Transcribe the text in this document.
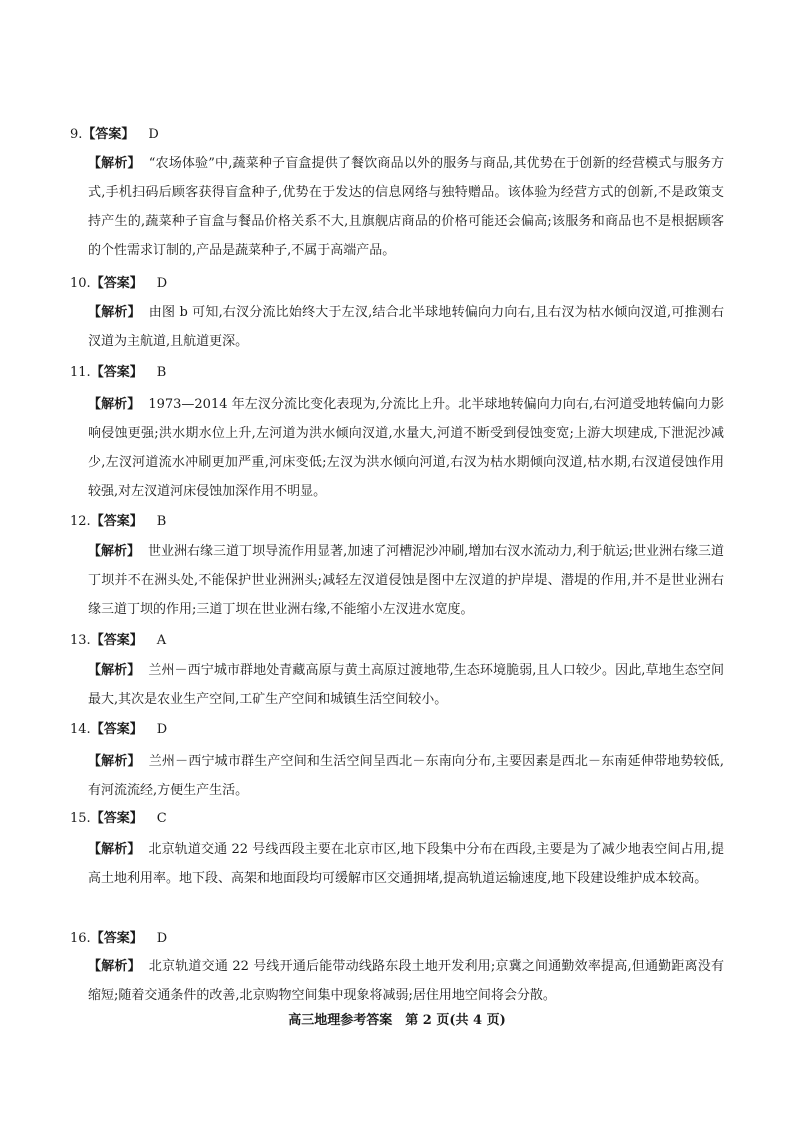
9.【答案】 D
【解析】 “农场体验”中,蔬菜种子盲盒提供了餐饮商品以外的服务与商品,其优势在于创新的经营模式与服务方式,手机扫码后顾客获得盲盒种子,优势在于发达的信息网络与独特赠品。该体验为经营方式的创新,不是政策支持产生的,蔬菜种子盲盒与餐品价格关系不大,且旗舰店商品的价格可能还会偏高;该服务和商品也不是根据顾客的个性需求订制的,产品是蔬菜种子,不属于高端产品。
10.【答案】 D
【解析】 由图 b 可知,右汊分流比始终大于左汊,结合北半球地转偏向力向右,且右汊为枯水倾向汊道,可推测右汊道为主航道,且航道更深。
11.【答案】 B
【解析】 1973—2014 年左汊分流比变化表现为,分流比上升。北半球地转偏向力向右,右河道受地转偏向力影响侵蚀更强;洪水期水位上升,左河道为洪水倾向汊道,水量大,河道不断受到侵蚀变宽;上游大坝建成,下泄泥沙减少,左汊河道流水冲刷更加严重,河床变低;左汊为洪水倾向河道,右汊为枯水期倾向汊道,枯水期,右汊道侵蚀作用较强,对左汊道河床侵蚀加深作用不明显。
12.【答案】 B
【解析】 世业洲右缘三道丁坝导流作用显著,加速了河槽泥沙冲刷,增加右汊水流动力,利于航运;世业洲右缘三道丁坝并不在洲头处,不能保护世业洲洲头;减轻左汊道侵蚀是图中左汊道的护岸堤、潜堤的作用,并不是世业洲右缘三道丁坝的作用;三道丁坝在世业洲右缘,不能缩小左汊进水宽度。
13.【答案】 A
【解析】 兰州－西宁城市群地处青藏高原与黄土高原过渡地带,生态环境脆弱,且人口较少。因此,草地生态空间最大,其次是农业生产空间,工矿生产空间和城镇生活空间较小。
14.【答案】 D
【解析】 兰州－西宁城市群生产空间和生活空间呈西北－东南向分布,主要因素是西北－东南延伸带地势较低,有河流流经,方便生产生活。
15.【答案】 C
【解析】 北京轨道交通 22 号线西段主要在北京市区,地下段集中分布在西段,主要是为了减少地表空间占用,提高土地利用率。地下段、高架和地面段均可缓解市区交通拥堵,提高轨道运输速度,地下段建设维护成本较高。
16.【答案】 D
【解析】 北京轨道交通 22 号线开通后能带动线路东段土地开发利用;京冀之间通勤效率提高,但通勤距离没有缩短;随着交通条件的改善,北京购物空间集中现象将减弱;居住用地空间将会分散。
高三地理参考答案　第 2 页(共 4 页)
